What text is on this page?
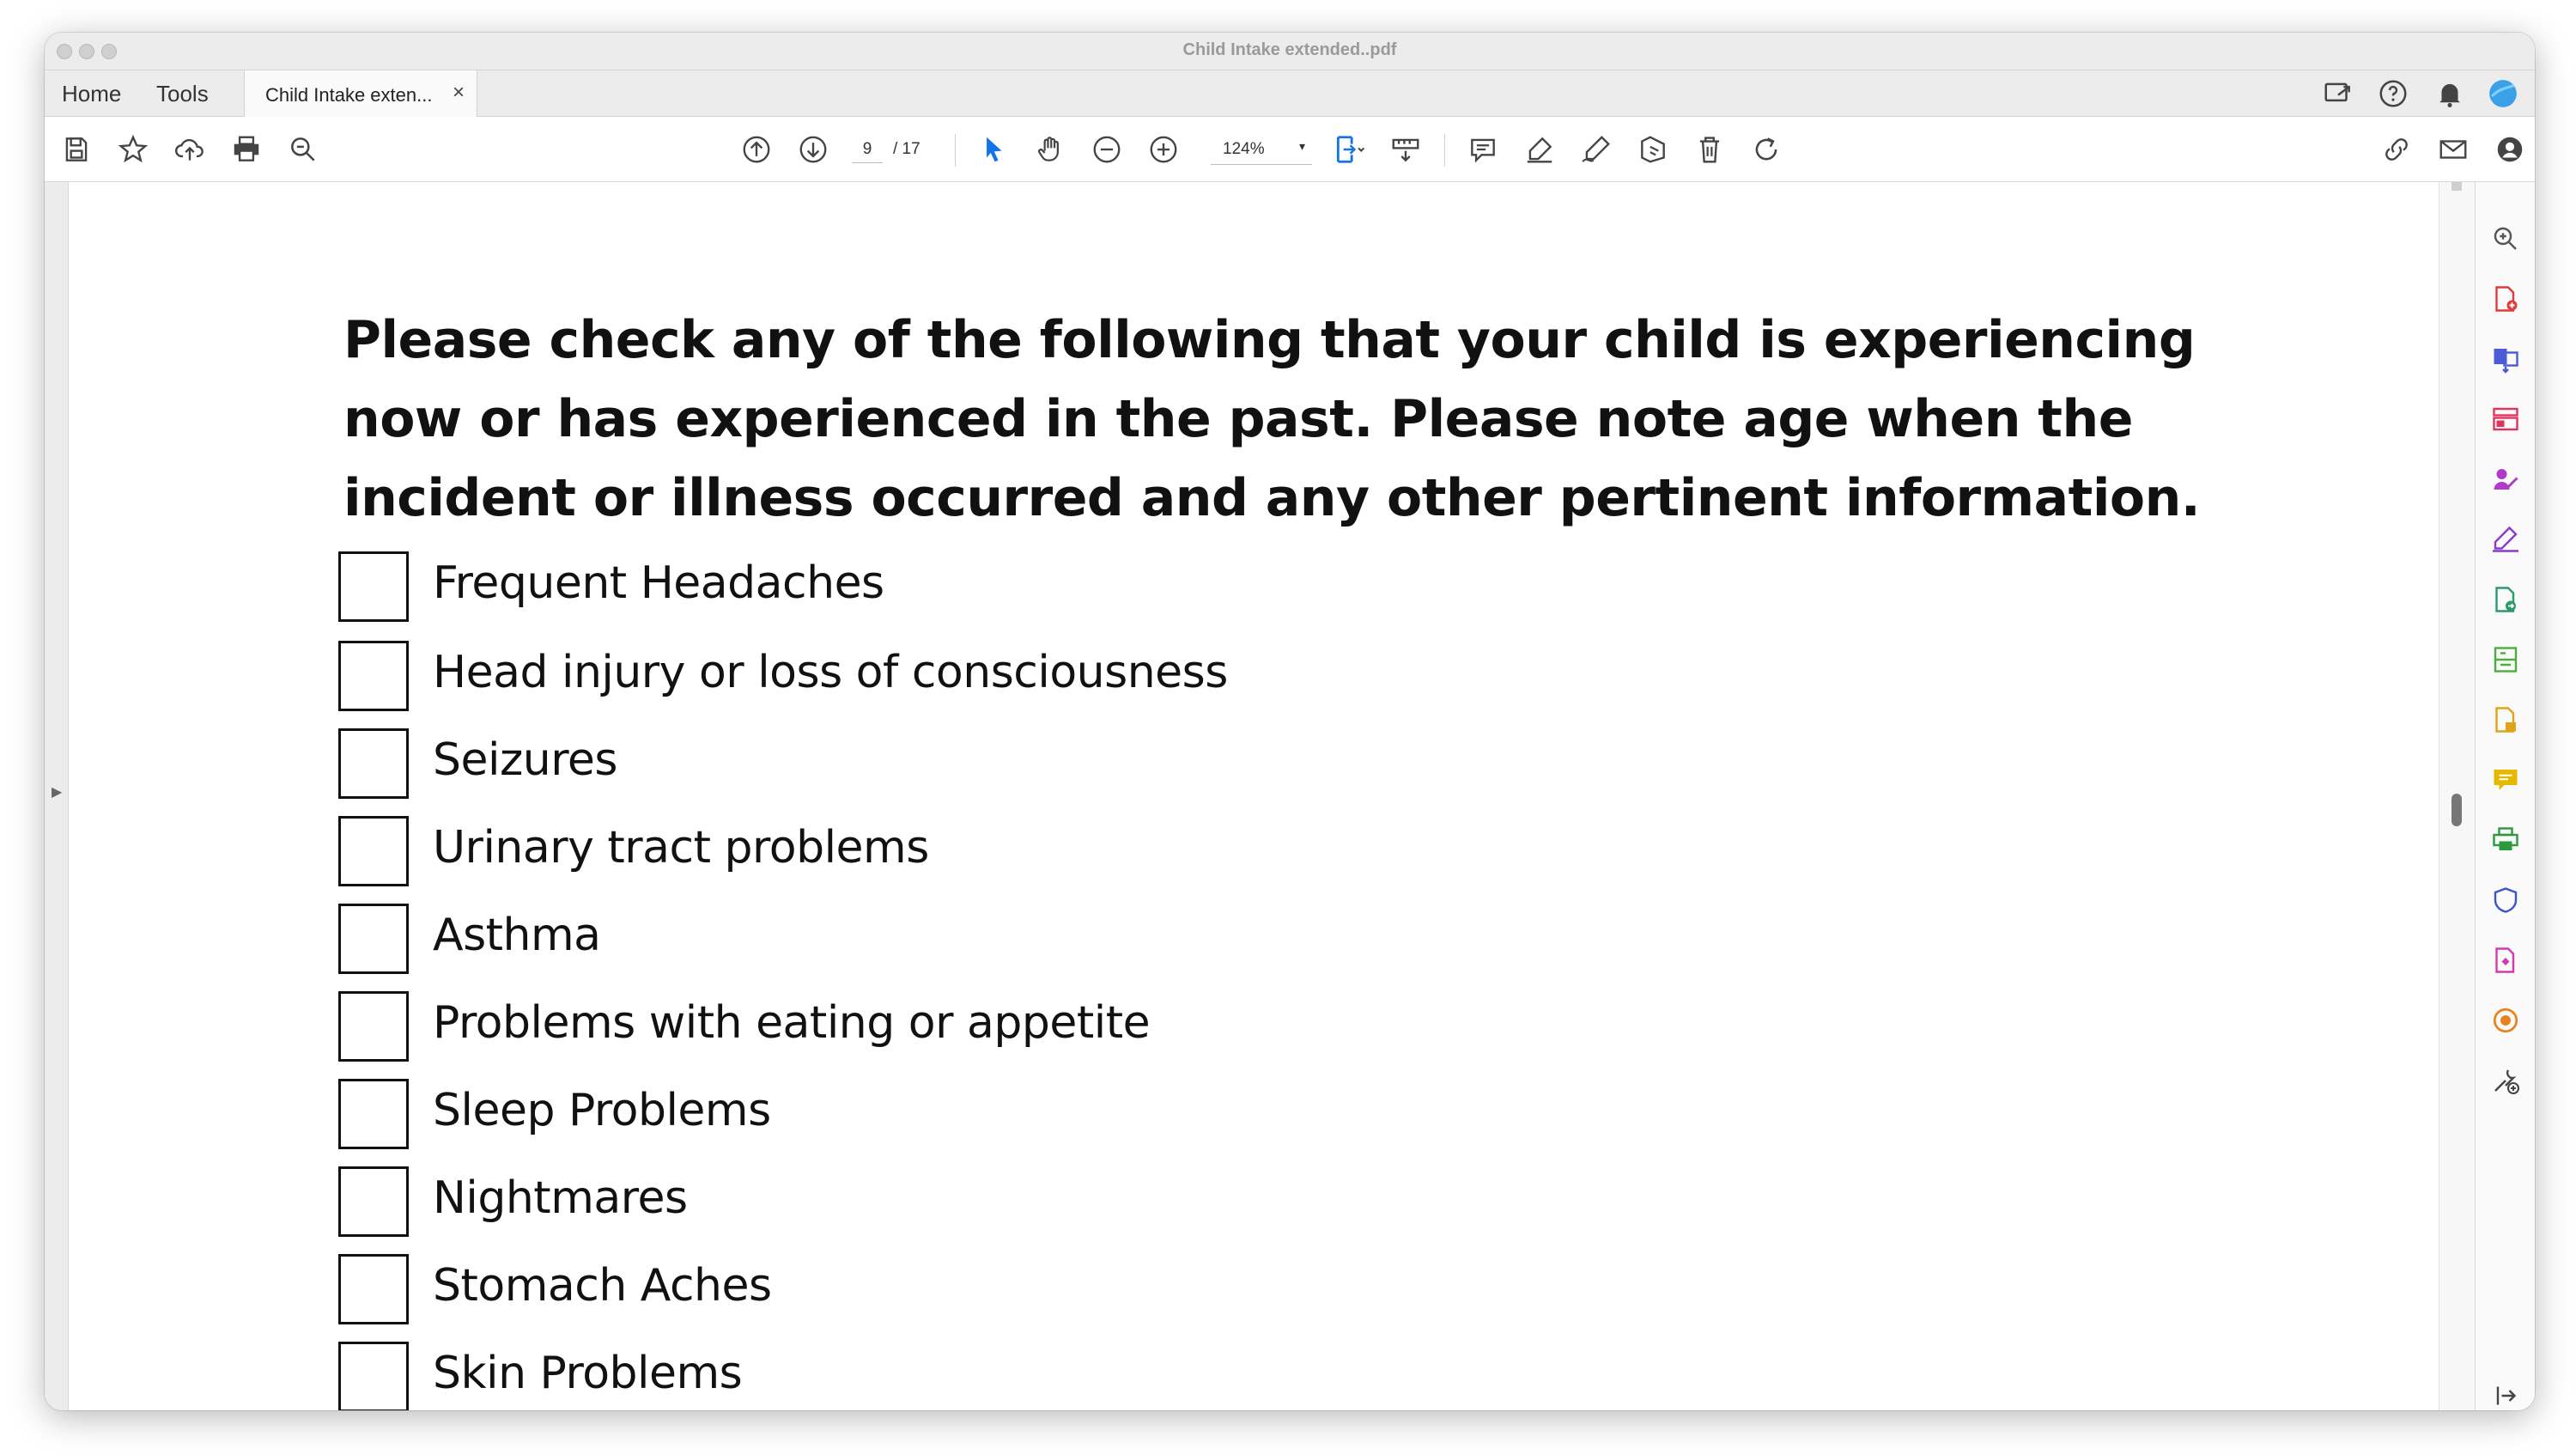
Child Intake extended..pdf
Home Tools	Child Intake exten... ×
9
/ 17	124%	▾
▶
Please check any of the following that your child is experiencing now or has experienced in the past. Please note age when the incident or illness occurred and any other pertinent information.
Frequent Headaches
Head injury or loss of consciousness
Seizures
Urinary tract problems
Asthma
Problems with eating or appetite
Sleep Problems
Nightmares
Stomach Aches
Skin Problems
